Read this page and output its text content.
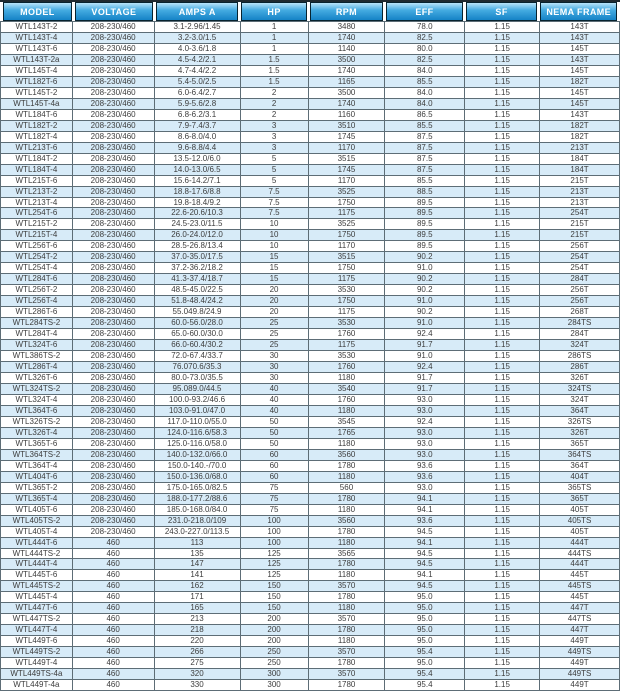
MODEL	VOLTAGE	AMPS A	HP	RPM	EFF	SF	NEMA FRAME
WTL143T-2	208-230/460	3.1-2.96/1.45	1	3480	78.0	1.15	143T
WTL143T-4	208-230/460	3.2-3.0/1.5	1	1740	82.5	1.15	143T
WTL143T-6	208-230/460	4.0-3.6/1.8	1	1140	80.0	1.15	145T
WTL143T-2a	208-230/460	4.5-4.2/2.1	1.5	3500	82.5	1.15	143T
WTL145T-4	208-230/460	4.7-4.4/2.2	1.5	1740	84.0	1.15	145T
WTL182T-6	208-230/460	5.4-5.0/2.5	1.5	1165	85.5	1.15	182T
WTL145T-2	208-230/460	6.0-6.4/2.7	2	3500	84.0	1.15	145T
WTL145T-4a	208-230/460	5.9-5.6/2.8	2	1740	84.0	1.15	145T
WTL184T-6	208-230/460	6.8-6.2/3.1	2	1160	86.5	1.15	143T
WTL182T-2	208-230/460	7.9-7.4/3.7	3	3510	85.5	1.15	182T
WTL182T-4	208-230/460	8.6-8.0/4.0	3	1745	87.5	1.15	182T
WTL213T-6	208-230/460	9.6-8.8/4.4	3	1170	87.5	1.15	213T
WTL184T-2	208-230/460	13.5-12.0/6.0	5	3515	87.5	1.15	184T
WTL184T-4	208-230/460	14.0-13.0/6.5	5	1745	87.5	1.15	184T
WTL215T-6	208-230/460	15.6-14.2/7.1	5	1170	85.5	1.15	215T
WTL213T-2	208-230/460	18.8-17.6/8.8	7.5	3525	88.5	1.15	213T
WTL213T-4	208-230/460	19.8-18.4/9.2	7.5	1750	89.5	1.15	213T
WTL254T-6	208-230/460	22.6-20.6/10.3	7.5	1175	89.5	1.15	254T
WTL215T-2	208-230/460	24.5-23.0/11.5	10	3525	89.5	1.15	215T
WTL215T-4	208-230/460	26.0-24.0/12.0	10	1750	89.5	1.15	215T
WTL256T-6	208-230/460	28.5-26.8/13.4	10	1170	89.5	1.15	256T
WTL254T-2	208-230/460	37.0-35.0/17.5	15	3515	90.2	1.15	254T
WTL254T-4	208-230/460	37.2-36.2/18.2	15	1750	91.0	1.15	254T
WTL284T-6	208-230/460	41.3-37.4/18.7	15	1175	90.2	1.15	284T
WTL256T-2	208-230/460	48.5-45.0/22.5	20	3530	90.2	1.15	256T
WTL256T-4	208-230/460	51.8-48.4/24.2	20	1750	91.0	1.15	256T
WTL286T-6	208-230/460	55.049.8/24.9	20	1175	90.2	1.15	268T
WTL284TS-2	208-230/460	60.0-56.0/28.0	25	3530	91.0	1.15	284TS
WTL284T-4	208-230/460	65.0-60.0/30.0	25	1760	92.4	1.15	284T
WTL324T-6	208-230/460	66.0-60.4/30.2	25	1175	91.7	1.15	324T
WTL386TS-2	208-230/460	72.0-67.4/33.7	30	3530	91.0	1.15	286TS
WTL286T-4	208-230/460	76.070.6/35.3	30	1760	92.4	1.15	286T
WTL326T-6	208-230/460	80.0-73.0/35.5	30	1180	91.7	1.15	326T
WTL324TS-2	208-230/460	95.089.0/44.5	40	3540	91.7	1.15	324TS
WTL324T-4	208-230/460	100.0-93.2/46.6	40	1760	93.0	1.15	324T
WTL364T-6	208-230/460	103.0-91.0/47.0	40	1180	93.0	1.15	364T
WTL326TS-2	208-230/460	117.0-110.0/55.0	50	3545	92.4	1.15	326TS
WTL326T-4	208-230/460	124.0-116.6/58.3	50	1765	93.0	1.15	326T
WTL365T-6	208-230/460	125.0-116.0/58.0	50	1180	93.0	1.15	365T
WTL364TS-2	208-230/460	140.0-132.0/66.0	60	3560	93.0	1.15	364TS
WTL364T-4	208-230/460	150.0-140.-/70.0	60	1780	93.6	1.15	364T
WTL404T-6	208-230/460	150.0-136.0/68.0	60	1180	93.6	1.15	404T
WTL365T-2	208-230/460	175.0-165.0/82.5	75	560	93.0	1.15	365TS
WTL365T-4	208-230/460	188.0-177.2/88.6	75	1780	94.1	1.15	365T
WTL405T-6	208-230/460	185.0-168.0/84.0	75	1180	94.1	1.15	405T
WTL405TS-2	208-230/460	231.0-218.0/109	100	3560	93.6	1.15	405TS
WTL405T-4	208-230/460	243.0-227.0/113.5	100	1780	94.5	1.15	405T
WTL444T-6	460	113	100	1180	94.1	1.15	444T
WTL444TS-2	460	135	125	3565	94.5	1.15	444TS
WTL444T-4	460	147	125	1780	94.5	1.15	444T
WTL445T-6	460	141	125	1180	94.1	1.15	445T
WTL445TS-2	460	162	150	3570	94.5	1.15	445TS
WTL445T-4	460	171	150	1780	95.0	1.15	445T
WTL447T-6	460	165	150	1180	95.0	1.15	447T
WTL447TS-2	460	213	200	3570	95.0	1.15	447TS
WTL447T-4	460	218	200	1780	95.0	1.15	447T
WTL449T-6	460	220	200	1180	95.0	1.15	449T
WTL449TS-2	460	266	250	3570	95.4	1.15	449TS
WTL449T-4	460	275	250	1780	95.0	1.15	449T
WTL449TS-4a	460	320	300	3570	95.4	1.15	449TS
WTL449T-4a	460	330	300	1780	95.4	1.15	449T
